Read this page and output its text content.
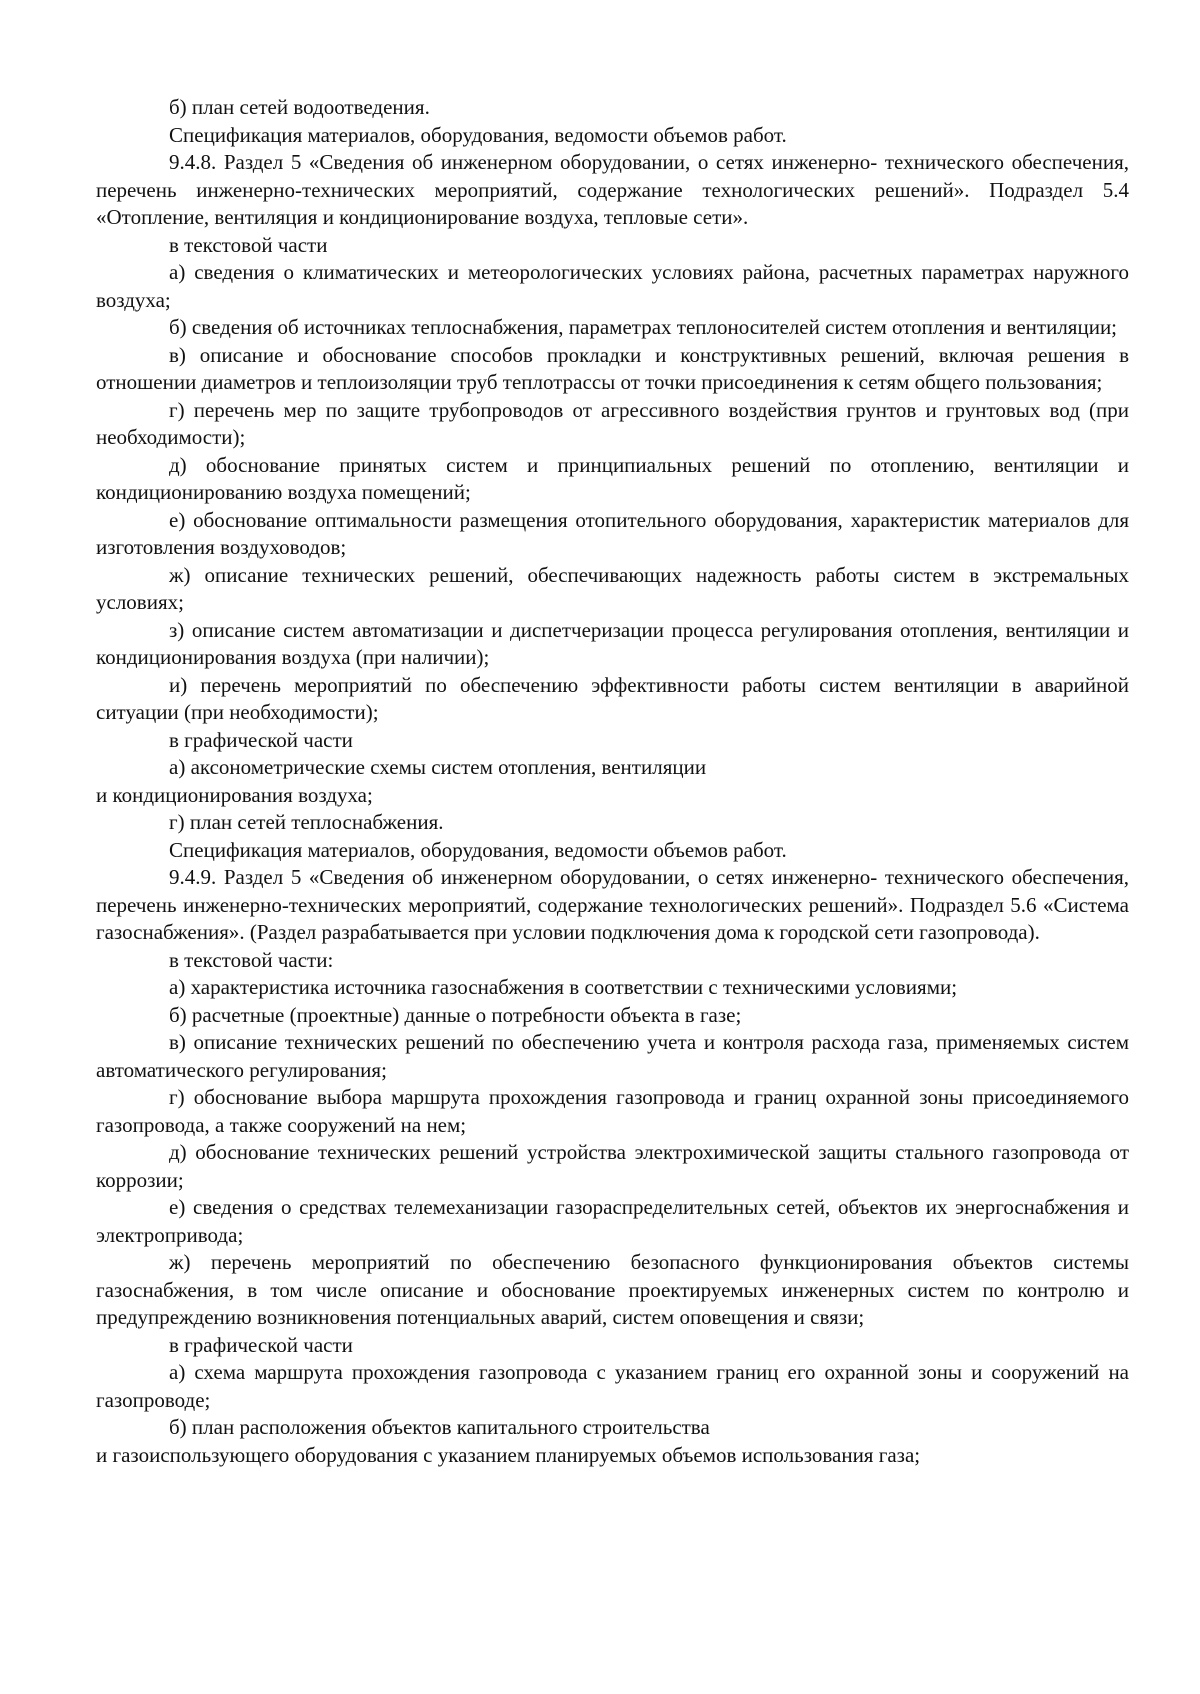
б) план сетей водоотведения.

Спецификация материалов, оборудования, ведомости объемов работ.

9.4.8. Раздел 5 «Сведения об инженерном оборудовании, о сетях инженерно- технического обеспечения, перечень инженерно-технических мероприятий, содержание технологических решений». Подраздел 5.4 «Отопление, вентиляция и кондиционирование воздуха, тепловые сети».

в текстовой части

а) сведения о климатических и метеорологических условиях района, расчетных параметрах наружного воздуха;

б) сведения об источниках теплоснабжения, параметрах теплоносителей систем отопления и вентиляции;

в) описание и обоснование способов прокладки и конструктивных решений, включая решения в отношении диаметров и теплоизоляции труб теплотрассы от точки присоединения к сетям общего пользования;

г) перечень мер по защите трубопроводов от агрессивного воздействия грунтов и грунтовых вод (при необходимости);

д) обоснование принятых систем и принципиальных решений по отоплению, вентиляции и кондиционированию воздуха помещений;

е) обоснование оптимальности размещения отопительного оборудования, характеристик материалов для изготовления воздуховодов;

ж) описание технических решений, обеспечивающих надежность работы систем в экстремальных условиях;

з) описание систем автоматизации и диспетчеризации процесса регулирования отопления, вентиляции и кондиционирования воздуха (при наличии);

и) перечень мероприятий по обеспечению эффективности работы систем вентиляции в аварийной ситуации (при необходимости);

в графической части

а) аксонометрические схемы систем отопления, вентиляции
и кондиционирования воздуха;

г) план сетей теплоснабжения.

Спецификация материалов, оборудования, ведомости объемов работ.

9.4.9. Раздел 5 «Сведения об инженерном оборудовании, о сетях инженерно- технического обеспечения, перечень инженерно-технических мероприятий, содержание технологических решений». Подраздел 5.6 «Система газоснабжения». (Раздел разрабатывается при условии подключения дома к городской сети газопровода).

в текстовой части:

а) характеристика источника газоснабжения в соответствии с техническими условиями;

б) расчетные (проектные) данные о потребности объекта в газе;

в) описание технических решений по обеспечению учета и контроля расхода газа, применяемых систем автоматического регулирования;

г) обоснование выбора маршрута прохождения газопровода и границ охранной зоны присоединяемого газопровода, а также сооружений на нем;

д) обоснование технических решений устройства электрохимической защиты стального газопровода от коррозии;

е) сведения о средствах телемеханизации газораспределительных сетей, объектов их энергоснабжения и электропривода;

ж) перечень мероприятий по обеспечению безопасного функционирования объектов системы газоснабжения, в том числе описание и обоснование проектируемых инженерных систем по контролю и предупреждению возникновения потенциальных аварий, систем оповещения и связи;

в графической части

а) схема маршрута прохождения газопровода с указанием границ его охранной зоны и сооружений на газопроводе;

б) план расположения объектов капитального строительства
и газоиспользующего оборудования с указанием планируемых объемов использования газа;
